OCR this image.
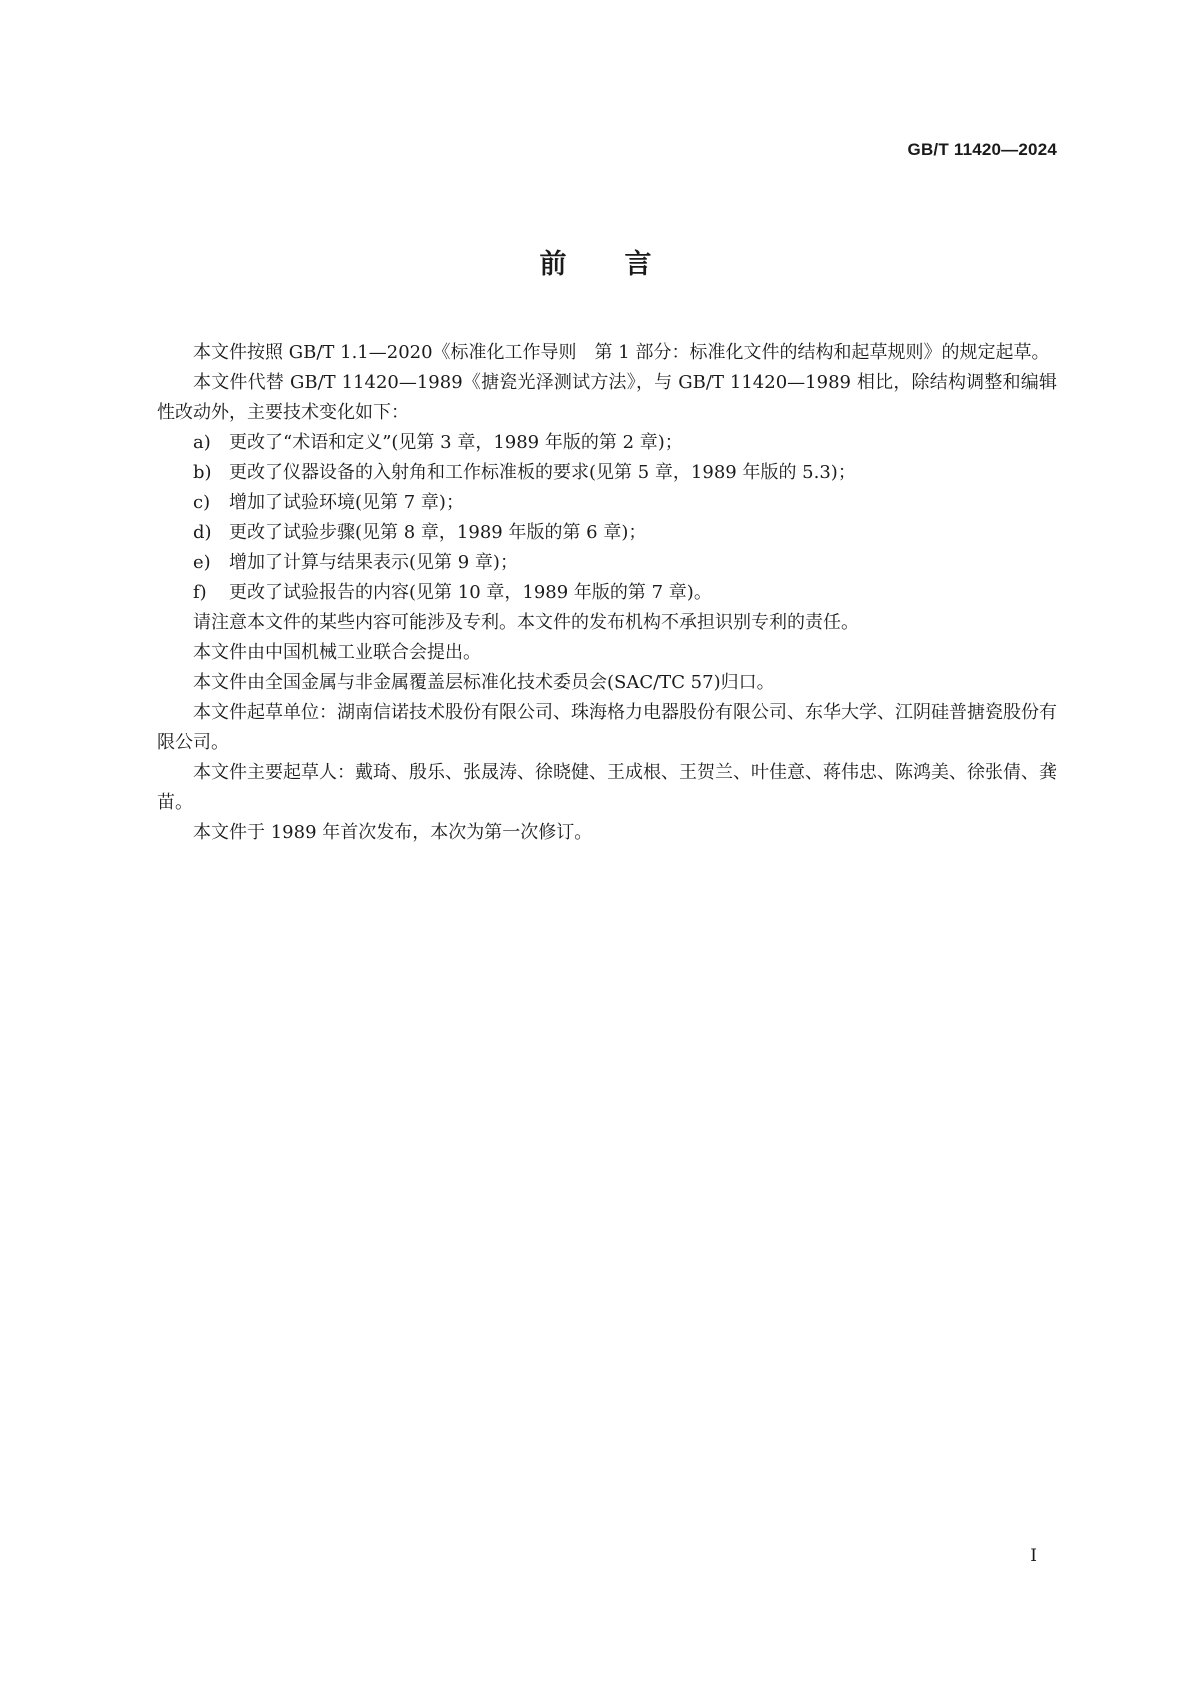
GB/T 11420—2024
前言

本文件按照 GB/T 1.1—2020《标准化工作导则　第 1 部分：标准化文件的结构和起草规则》的规定起草。

本文件代替 GB/T 11420—1989《搪瓷光泽测试方法》，与 GB/T 11420—1989 相比，除结构调整和编辑性改动外，主要技术变化如下：

a) 更改了“术语和定义”(见第 3 章，1989 年版的第 2 章)；

b) 更改了仪器设备的入射角和工作标准板的要求(见第 5 章，1989 年版的 5.3)；

c) 增加了试验环境(见第 7 章)；

d) 更改了试验步骤(见第 8 章，1989 年版的第 6 章)；

e) 增加了计算与结果表示(见第 9 章)；

f) 更改了试验报告的内容(见第 10 章，1989 年版的第 7 章)。

请注意本文件的某些内容可能涉及专利。本文件的发布机构不承担识别专利的责任。

本文件由中国机械工业联合会提出。

本文件由全国金属与非金属覆盖层标准化技术委员会(SAC/TC 57)归口。

本文件起草单位：湖南信诺技术股份有限公司、珠海格力电器股份有限公司、东华大学、江阴硅普搪瓷股份有限公司。

本文件主要起草人：戴琦、殷乐、张晟涛、徐晓健、王成根、王贺兰、叶佳意、蒋伟忠、陈鸿美、徐张倩、龚苗。

本文件于 1989 年首次发布，本次为第一次修订。

I
